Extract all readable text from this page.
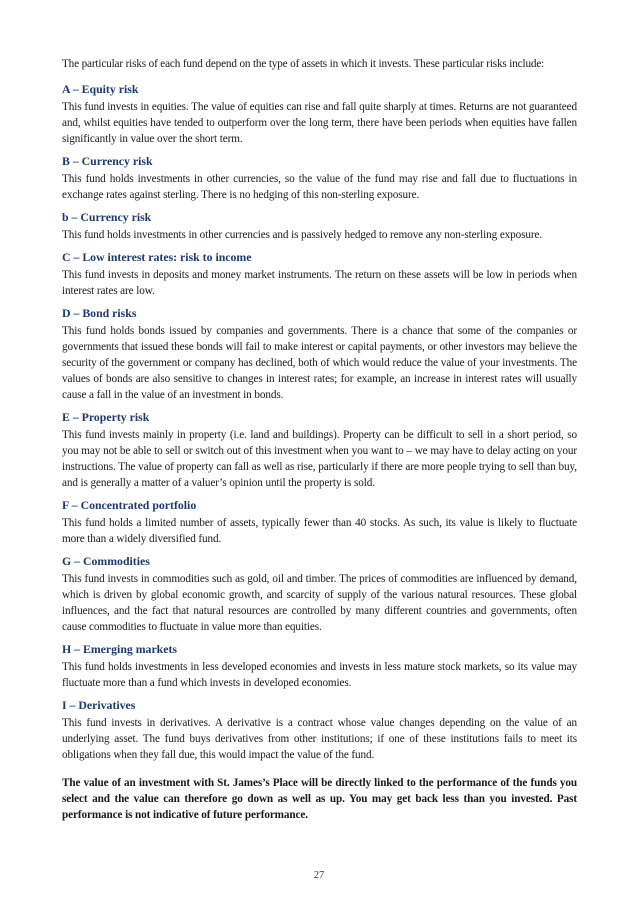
The particular risks of each fund depend on the type of assets in which it invests. These particular risks include:

A – Equity risk

This fund invests in equities. The value of equities can rise and fall quite sharply at times. Returns are not guaranteed and, whilst equities have tended to outperform over the long term, there have been periods when equities have fallen significantly in value over the short term.

B – Currency risk

This fund holds investments in other currencies, so the value of the fund may rise and fall due to fluctuations in exchange rates against sterling. There is no hedging of this non-sterling exposure.

b – Currency risk

This fund holds investments in other currencies and is passively hedged to remove any non-sterling exposure.

C – Low interest rates: risk to income

This fund invests in deposits and money market instruments. The return on these assets will be low in periods when interest rates are low.

D – Bond risks

This fund holds bonds issued by companies and governments. There is a chance that some of the companies or governments that issued these bonds will fail to make interest or capital payments, or other investors may believe the security of the government or company has declined, both of which would reduce the value of your investments. The values of bonds are also sensitive to changes in interest rates; for example, an increase in interest rates will usually cause a fall in the value of an investment in bonds.

E – Property risk

This fund invests mainly in property (i.e. land and buildings). Property can be difficult to sell in a short period, so you may not be able to sell or switch out of this investment when you want to – we may have to delay acting on your instructions. The value of property can fall as well as rise, particularly if there are more people trying to sell than buy, and is generally a matter of a valuer’s opinion until the property is sold.

F – Concentrated portfolio

This fund holds a limited number of assets, typically fewer than 40 stocks. As such, its value is likely to fluctuate more than a widely diversified fund.

G – Commodities

This fund invests in commodities such as gold, oil and timber. The prices of commodities are influenced by demand, which is driven by global economic growth, and scarcity of supply of the various natural resources. These global influences, and the fact that natural resources are controlled by many different countries and governments, often cause commodities to fluctuate in value more than equities.

H – Emerging markets

This fund holds investments in less developed economies and invests in less mature stock markets, so its value may fluctuate more than a fund which invests in developed economies.

I – Derivatives

This fund invests in derivatives. A derivative is a contract whose value changes depending on the value of an underlying asset. The fund buys derivatives from other institutions; if one of these institutions fails to meet its obligations when they fall due, this would impact the value of the fund.

The value of an investment with St. James’s Place will be directly linked to the performance of the funds you select and the value can therefore go down as well as up. You may get back less than you invested. Past performance is not indicative of future performance.

27
